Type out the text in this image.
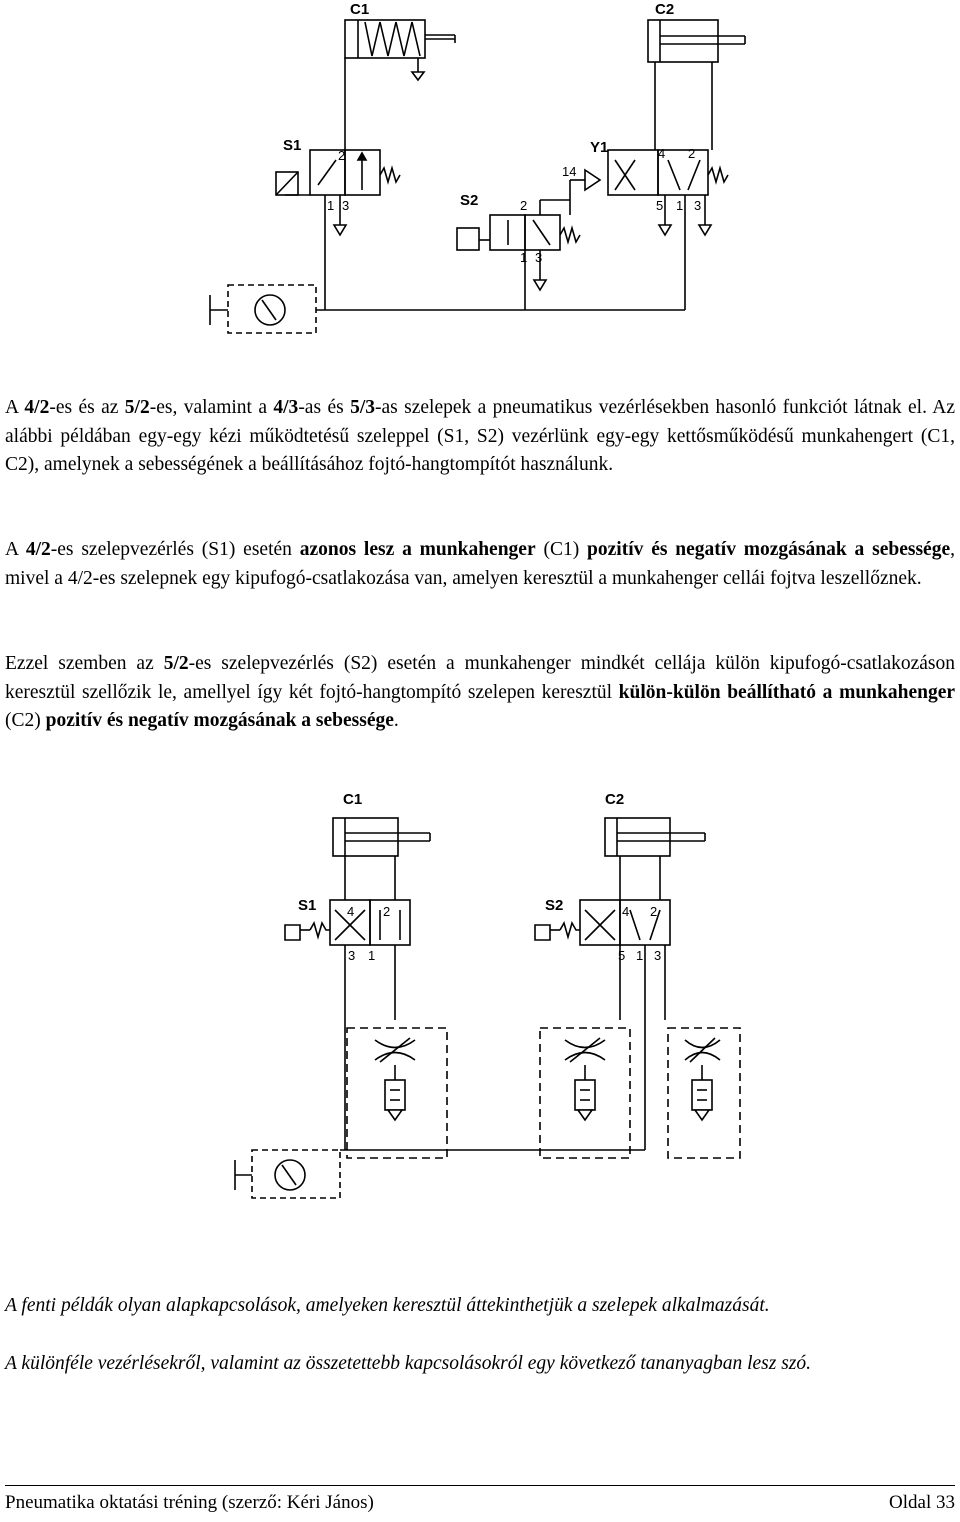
C1	C2
S1
S2
Y1
2
1 3
4 2
5 1 3
14
2
1 3

A 4/2-es és az 5/2-es, valamint a 4/3-as és 5/3-as szelepek a pneumatikus vezérlésekben hasonló funkciót látnak el. Az alábbi példában egy-egy kézi működtetésű szeleppel (S1, S2) vezérlünk egy-egy kettősműködésű munkahengert (C1, C2), amelynek a sebességének a beállításához fojtó-hangtompítót használunk.

A 4/2-es szelepvezérlés (S1) esetén azonos lesz a munkahenger (C1) pozitív és negatív mozgásának a sebessége, mivel a 4/2-es szelepnek egy kipufogó-csatlakozása van, amelyen keresztül a munkahenger cellái fojtva leszellőznek.

Ezzel szemben az 5/2-es szelepvezérlés (S2) esetén a munkahenger mindkét cellája külön kipufogó-csatlakozáson keresztül szellőzik le, amellyel így két fojtó-hangtompító szelepen keresztül külön-külön beállítható a munkahenger (C2) pozitív és negatív mozgásának a sebessége.

C1	C2
S1	S2
4 2
3 1
4 2
5 1 3

A fenti példák olyan alapkapcsolások, amelyeken keresztül áttekinthetjük a szelepek alkalmazását.

A különféle vezérlésekről, valamint az összetettebb kapcsolásokról egy következő tananyagban lesz szó.

Pneumatika oktatási tréning (szerző: Kéri János)	Oldal 33
